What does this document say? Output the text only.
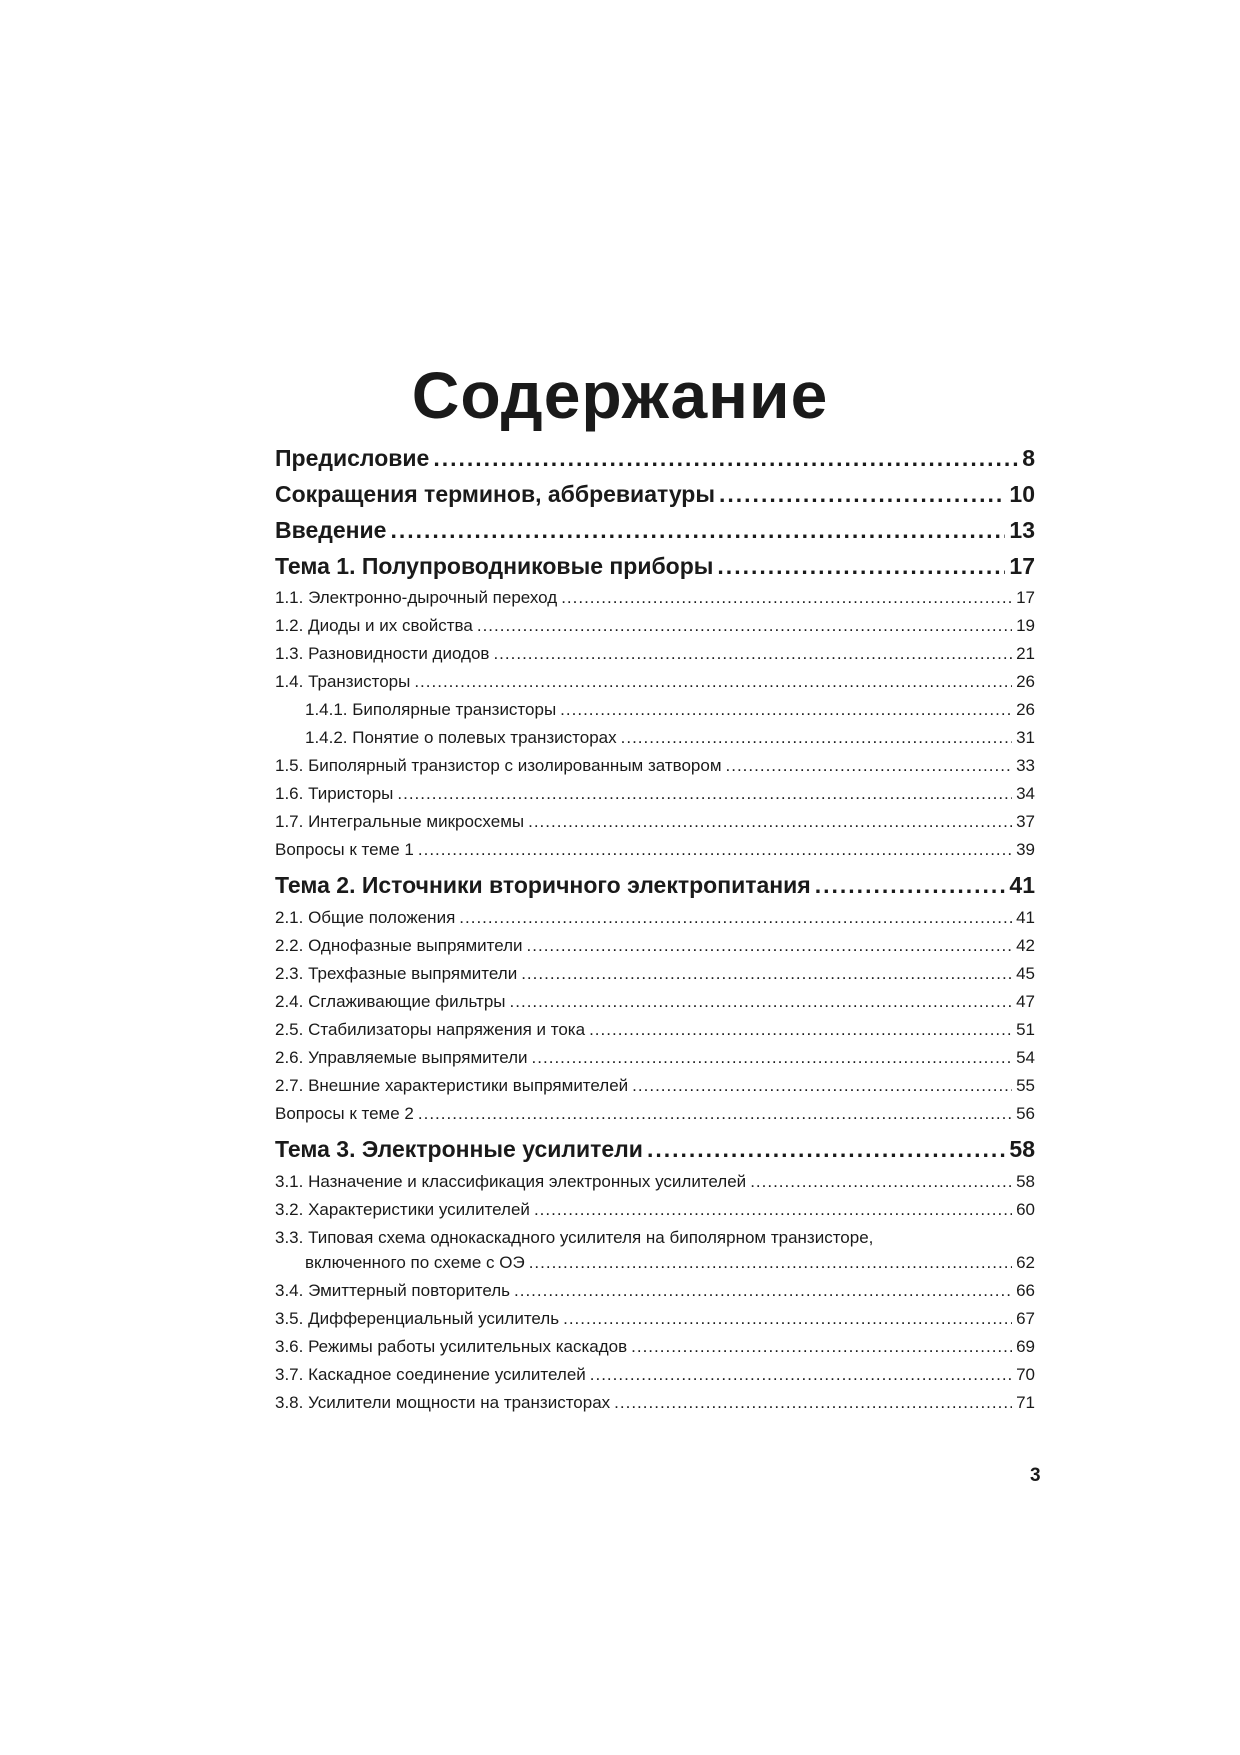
Содержание
Предисловие .....	8
Сокращения терминов, аббревиатуры .....	10
Введение .....	13
Тема 1. Полупроводниковые приборы .....	17
1.1. Электронно-дырочный переход .....	17
1.2. Диоды и их свойства .....	19
1.3. Разновидности диодов .....	21
1.4. Транзисторы .....	26
1.4.1. Биполярные транзисторы .....	26
1.4.2. Понятие о полевых транзисторах .....	31
1.5. Биполярный транзистор с изолированным затвором .....	33
1.6. Тиристоры .....	34
1.7. Интегральные микросхемы .....	37
Вопросы к теме 1 .....	39
Тема 2. Источники вторичного электропитания .....	41
2.1. Общие положения .....	41
2.2. Однофазные выпрямители .....	42
2.3. Трехфазные выпрямители .....	45
2.4. Сглаживающие фильтры .....	47
2.5. Стабилизаторы напряжения и тока .....	51
2.6. Управляемые выпрямители .....	54
2.7. Внешние характеристики выпрямителей .....	55
Вопросы к теме 2 .....	56
Тема 3. Электронные усилители .....	58
3.1. Назначение и классификация электронных усилителей .....	58
3.2. Характеристики усилителей .....	60
3.3. Типовая схема однокаскадного усилителя на биполярном транзисторе,
включенного по схеме с ОЭ .....	62
3.4. Эмиттерный повторитель .....	66
3.5. Дифференциальный усилитель .....	67
3.6. Режимы работы усилительных каскадов .....	69
3.7. Каскадное соединение усилителей .....	70
3.8. Усилители мощности на транзисторах .....	71
3
